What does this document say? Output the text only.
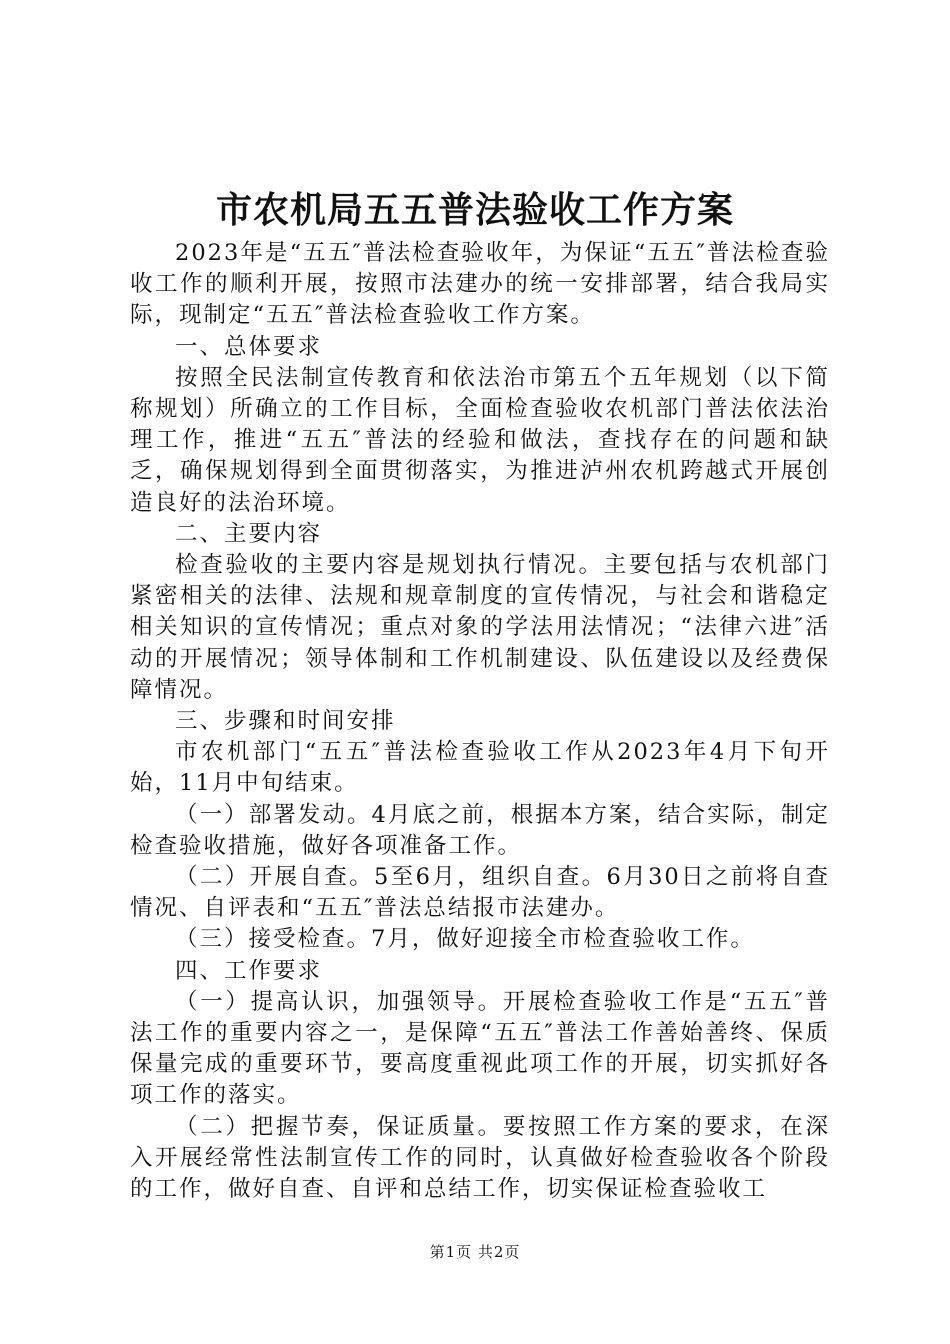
市农机局五五普法验收工作方案

2023年是“五五″普法检查验收年，为保证“五五″普法检查验收工作的顺利开展，按照市法建办的统一安排部署，结合我局实际，现制定“五五″普法检查验收工作方案。

一、总体要求

按照全民法制宣传教育和依法治市第五个五年规划（以下简称规划）所确立的工作目标，全面检查验收农机部门普法依法治理工作，推进“五五″普法的经验和做法，查找存在的问题和缺乏，确保规划得到全面贯彻落实，为推进泸州农机跨越式开展创造良好的法治环境。

二、主要内容

检查验收的主要内容是规划执行情况。主要包括与农机部门紧密相关的法律、法规和规章制度的宣传情况，与社会和谐稳定相关知识的宣传情况；重点对象的学法用法情况；“法律六进″活动的开展情况；领导体制和工作机制建设、队伍建设以及经费保障情况。

三、步骤和时间安排

市农机部门“五五″普法检查验收工作从2023年4月下旬开始，11月中旬结束。

（一）部署发动。4月底之前，根据本方案，结合实际，制定检查验收措施，做好各项准备工作。

（二）开展自查。5至6月，组织自查。6月30日之前将自查情况、自评表和“五五″普法总结报市法建办。

（三）接受检查。7月，做好迎接全市检查验收工作。

四、工作要求

（一）提高认识，加强领导。开展检查验收工作是“五五″普法工作的重要内容之一，是保障“五五″普法工作善始善终、保质保量完成的重要环节，要高度重视此项工作的开展，切实抓好各项工作的落实。

（二）把握节奏，保证质量。要按照工作方案的要求，在深入开展经常性法制宣传工作的同时，认真做好检查验收各个阶段的工作，做好自查、自评和总结工作，切实保证检查验收工

第1页 共2页
